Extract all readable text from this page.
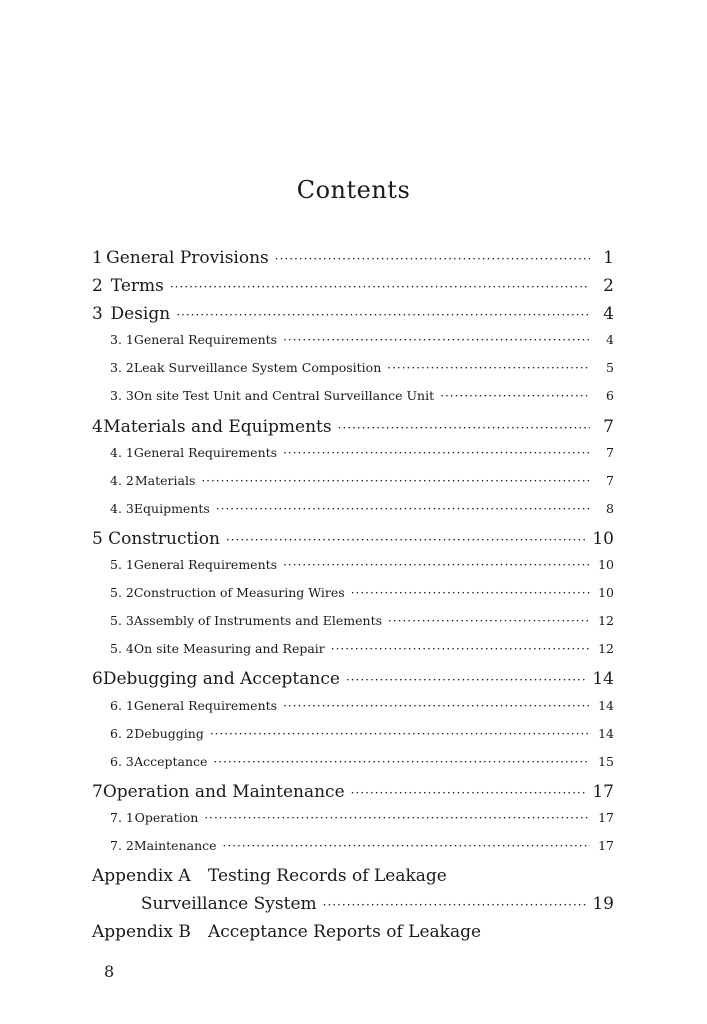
Contents
1 General Provisions ·····	1
2 Terms ·····	2
3 Design ·····	4
3. 1 General Requirements ·····	4
3. 2 Leak Surveillance System Composition ·····	5
3. 3 On site Test Unit and Central Surveillance Unit ·····	6
4 Materials and Equipments ·····	7
4. 1 General Requirements ·····	7
4. 2 Materials ·····	7
4. 3 Equipments ·····	8
5 Construction ·····	10
5. 1 General Requirements ·····	10
5. 2 Construction of Measuring Wires ·····	10
5. 3 Assembly of Instruments and Elements ·····	12
5. 4 On site Measuring and Repair ·····	12
6 Debugging and Acceptance ·····	14
6. 1 General Requirements ·····	14
6. 2 Debugging ·····	14
6. 3 Acceptance ·····	15
7 Operation and Maintenance ·····	17
7. 1 Operation ·····	17
7. 2 Maintenance ·····	17
Appendix A	Testing Records of Leakage
Surveillance System ·····	19
Appendix B	Acceptance Reports of Leakage
8
